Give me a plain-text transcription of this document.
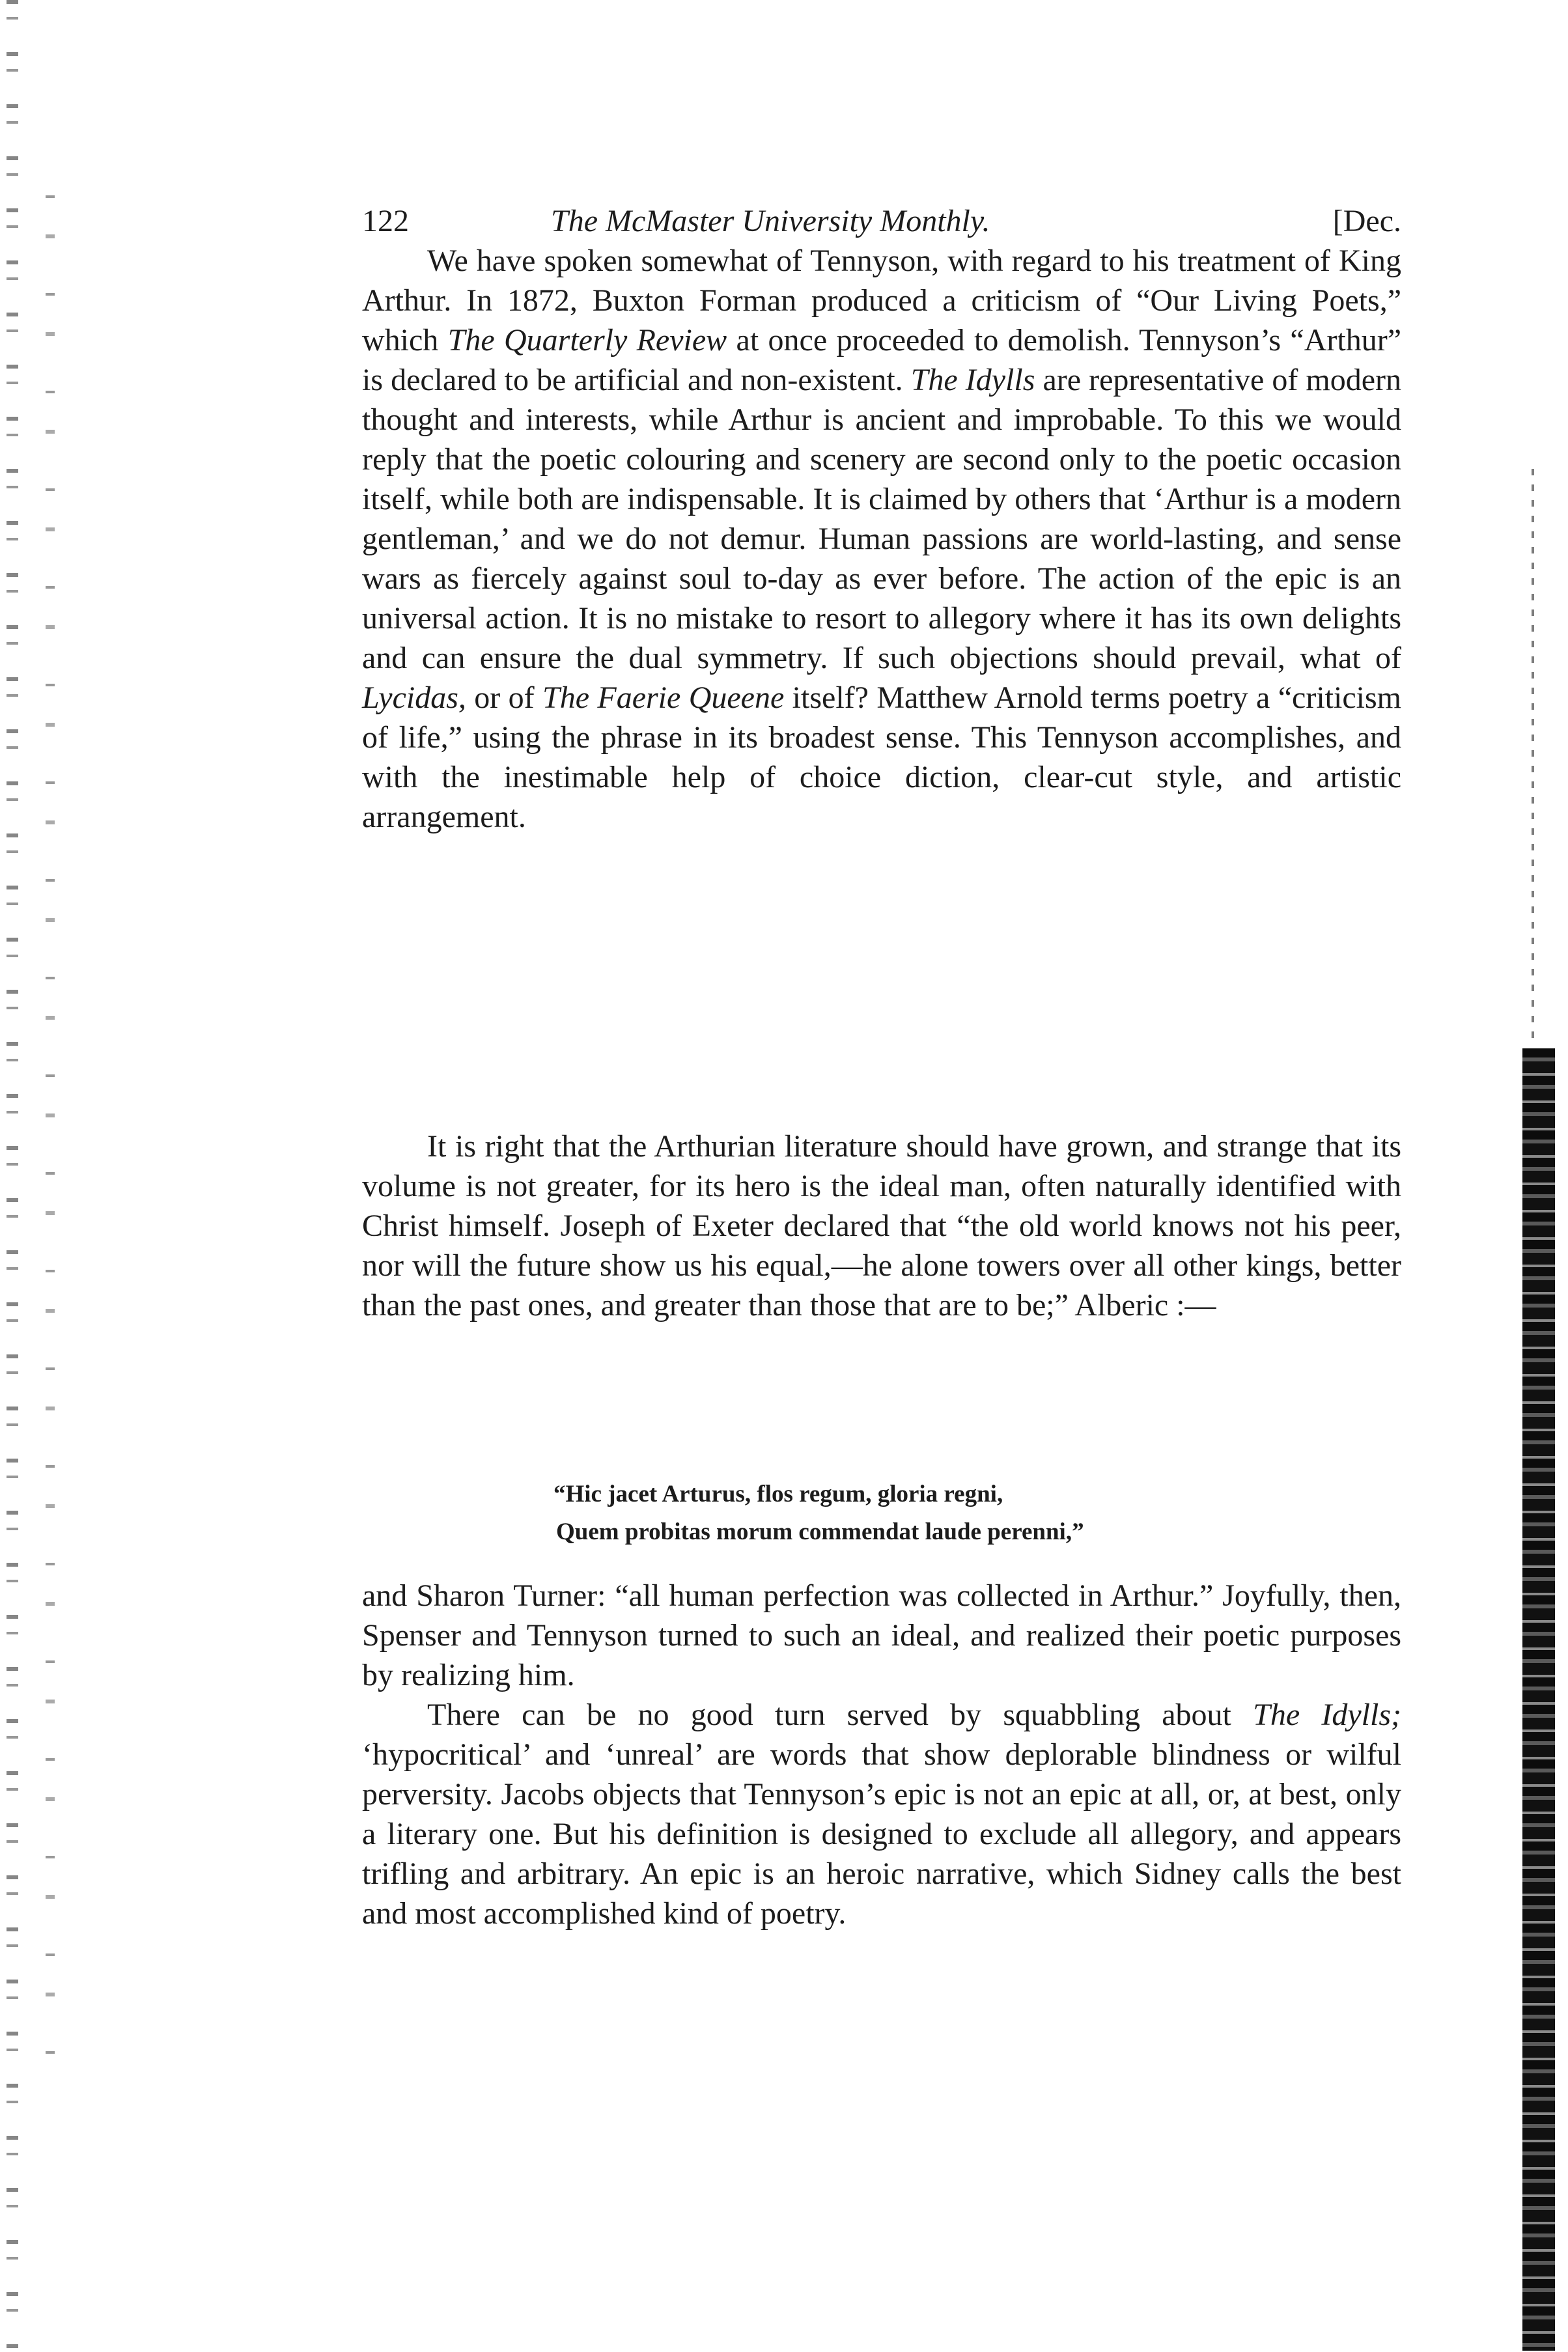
122	The McMaster University Monthly.	[Dec.

We have spoken somewhat of Tennyson, with regard to his treatment of King Arthur. In 1872, Buxton Forman produced a criticism of “Our Living Poets,” which The Quarterly Review at once proceeded to demolish. Tennyson’s “Arthur” is declared to be artificial and non-existent. The Idylls are representative of modern thought and interests, while Arthur is ancient and improbable. To this we would reply that the poetic colouring and scenery are second only to the poetic occasion itself, while both are indispensable. It is claimed by others that ‘Arthur is a modern gentleman,’ and we do not demur. Human passions are world-lasting, and sense wars as fiercely against soul to-day as ever before. The action of the epic is an universal action. It is no mistake to resort to allegory where it has its own delights and can ensure the dual symmetry. If such objections should prevail, what of Lycidas, or of The Faerie Queene itself? Matthew Arnold terms poetry a “criticism of life,” using the phrase in its broadest sense. This Tennyson accomplishes, and with the inestimable help of choice diction, clear-cut style, and artistic arrangement.

It is right that the Arthurian literature should have grown, and strange that its volume is not greater, for its hero is the ideal man, often naturally identified with Christ himself. Joseph of Exeter declared that “the old world knows not his peer, nor will the future show us his equal,—he alone towers over all other kings, better than the past ones, and greater than those that are to be;” Alberic :—

“Hic jacet Arturus, flos regum, gloria regni,
Quem probitas morum commendat laude perenni,”

and Sharon Turner: “all human perfection was collected in Arthur.” Joyfully, then, Spenser and Tennyson turned to such an ideal, and realized their poetic purposes by realizing him.

There can be no good turn served by squabbling about The Idylls; ‘hypocritical’ and ‘unreal’ are words that show deplorable blindness or wilful perversity. Jacobs objects that Tennyson’s epic is not an epic at all, or, at best, only a literary one. But his definition is designed to exclude all allegory, and appears trifling and arbitrary. An epic is an heroic narrative, which Sidney calls the best and most accomplished kind of poetry.
